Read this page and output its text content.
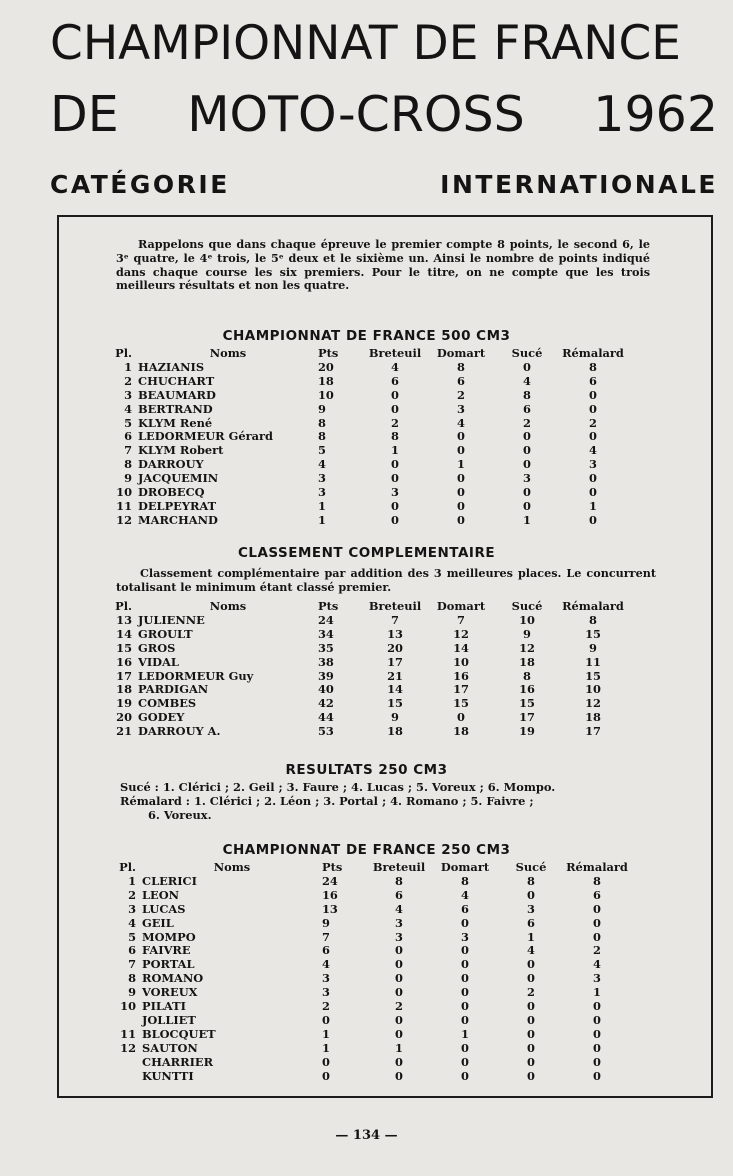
CHAMPIONNAT DE FRANCE
DE MOTO-CROSS 1962
CATÉGORIE	INTERNATIONALE
Rappelons que dans chaque épreuve le premier compte 8 points, le second 6, le 3ᵉ quatre, le 4ᵉ trois, le 5ᵉ deux et le sixième un. Ainsi le nombre de points indiqué dans chaque course les six premiers. Pour le titre, on ne compte que les trois meilleurs résultats et non les quatre.
CHAMPIONNAT DE FRANCE 500 CM3
Pl.	Noms	Pts	Breteuil	Domart	Sucé	Rémalard
1	HAZIANIS	20	4	8	0	8
2	CHUCHART	18	6	6	4	6
3	BEAUMARD	10	0	2	8	0
4	BERTRAND	9	0	3	6	0
5	KLYM René	8	2	4	2	2
6	LEDORMEUR Gérard	8	8	0	0	0
7	KLYM Robert	5	1	0	0	4
8	DARROUY	4	0	1	0	3
9	JACQUEMIN	3	0	0	3	0
10	DROBECQ	3	3	0	0	0
11	DELPEYRAT	1	0	0	0	1
12	MARCHAND	1	0	0	1	0
CLASSEMENT COMPLEMENTAIRE
Classement complémentaire par addition des 3 meilleures places. Le concurrent totalisant le minimum étant classé premier.
Pl.	Noms	Pts	Breteuil	Domart	Sucé	Rémalard
13	JULIENNE	24	7	7	10	8
14	GROULT	34	13	12	9	15
15	GROS	35	20	14	12	9
16	VIDAL	38	17	10	18	11
17	LEDORMEUR Guy	39	21	16	8	15
18	PARDIGAN	40	14	17	16	10
19	COMBES	42	15	15	15	12
20	GODEY	44	9	0	17	18
21	DARROUY A.	53	18	18	19	17
RESULTATS 250 CM3
Sucé : 1. Clérici ; 2. Geil ; 3. Faure ; 4. Lucas ; 5. Voreux ; 6. Mompo.
Rémalard : 1. Clérici ; 2. Léon ; 3. Portal ; 4. Romano ; 5. Faivre ;
6. Voreux.
CHAMPIONNAT DE FRANCE 250 CM3
Pl.	Noms	Pts	Breteuil	Domart	Sucé	Rémalard
1	CLERICI	24	8	8	8	8
2	LEON	16	6	4	0	6
3	LUCAS	13	4	6	3	0
4	GEIL	9	3	0	6	0
5	MOMPO	7	3	3	1	0
6	FAIVRE	6	0	0	4	2
7	PORTAL	4	0	0	0	4
8	ROMANO	3	0	0	0	3
9	VOREUX	3	0	0	2	1
10	PILATI	2	2	0	0	0
	JOLLIET	0	0	0	0	0
11	BLOCQUET	1	0	1	0	0
12	SAUTON	1	1	0	0	0
	CHARRIER	0	0	0	0	0
	KUNTTI	0	0	0	0	0
— 134 —
